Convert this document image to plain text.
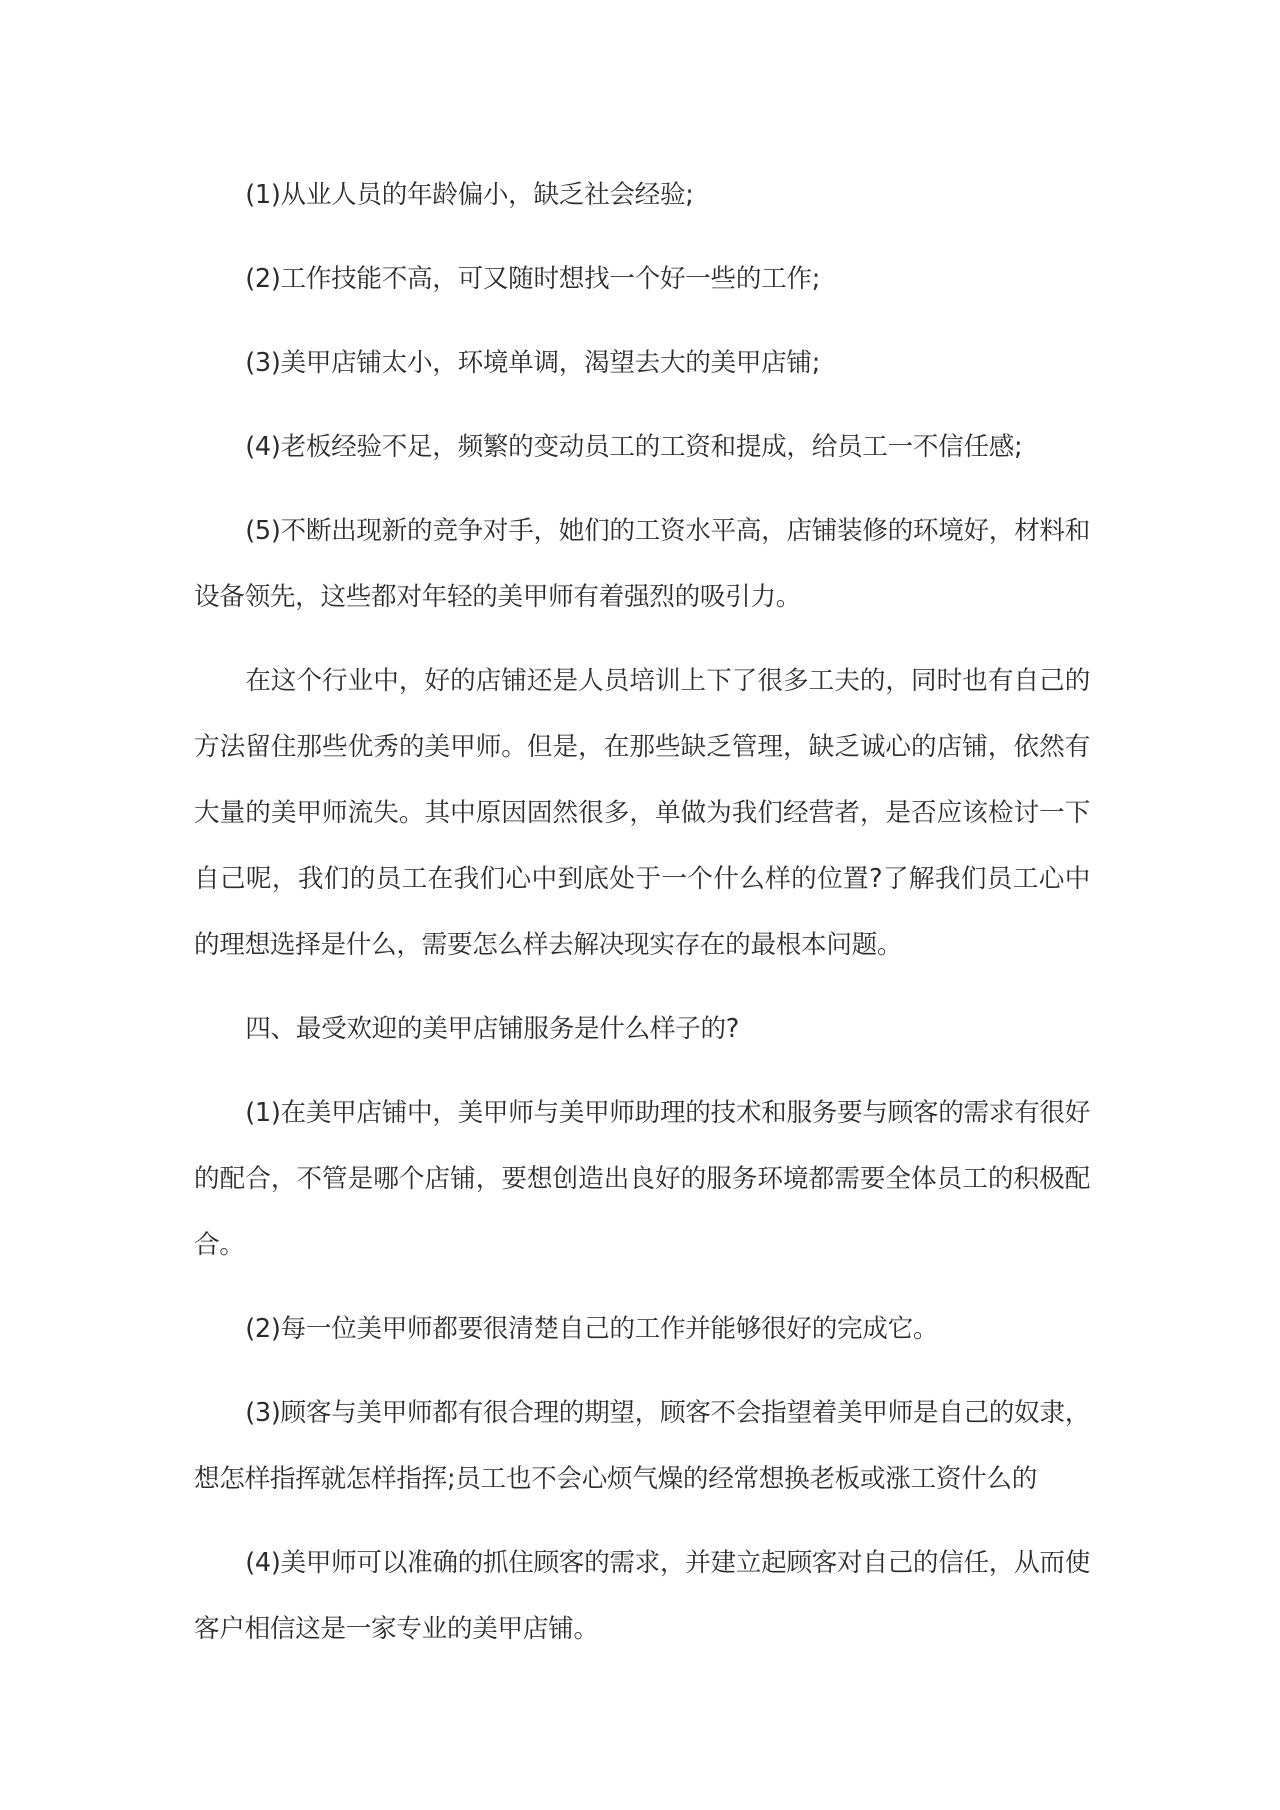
(1)从业人员的年龄偏小，缺乏社会经验;

(2)工作技能不高，可又随时想找一个好一些的工作;

(3)美甲店铺太小，环境单调，渴望去大的美甲店铺;

(4)老板经验不足，频繁的变动员工的工资和提成，给员工一不信任感;

(5)不断出现新的竞争对手，她们的工资水平高，店铺装修的环境好，材料和设备领先，这些都对年轻的美甲师有着强烈的吸引力。

在这个行业中，好的店铺还是人员培训上下了很多工夫的，同时也有自己的方法留住那些优秀的美甲师。但是，在那些缺乏管理，缺乏诚心的店铺，依然有大量的美甲师流失。其中原因固然很多，单做为我们经营者，是否应该检讨一下自己呢，我们的员工在我们心中到底处于一个什么样的位置?了解我们员工心中的理想选择是什么，需要怎么样去解决现实存在的最根本问题。

四、最受欢迎的美甲店铺服务是什么样子的?

(1)在美甲店铺中，美甲师与美甲师助理的技术和服务要与顾客的需求有很好的配合，不管是哪个店铺，要想创造出良好的服务环境都需要全体员工的积极配合。

(2)每一位美甲师都要很清楚自己的工作并能够很好的完成它。

(3)顾客与美甲师都有很合理的期望，顾客不会指望着美甲师是自己的奴隶，想怎样指挥就怎样指挥;员工也不会心烦气燥的经常想换老板或涨工资什么的

(4)美甲师可以准确的抓住顾客的需求，并建立起顾客对自己的信任，从而使客户相信这是一家专业的美甲店铺。
